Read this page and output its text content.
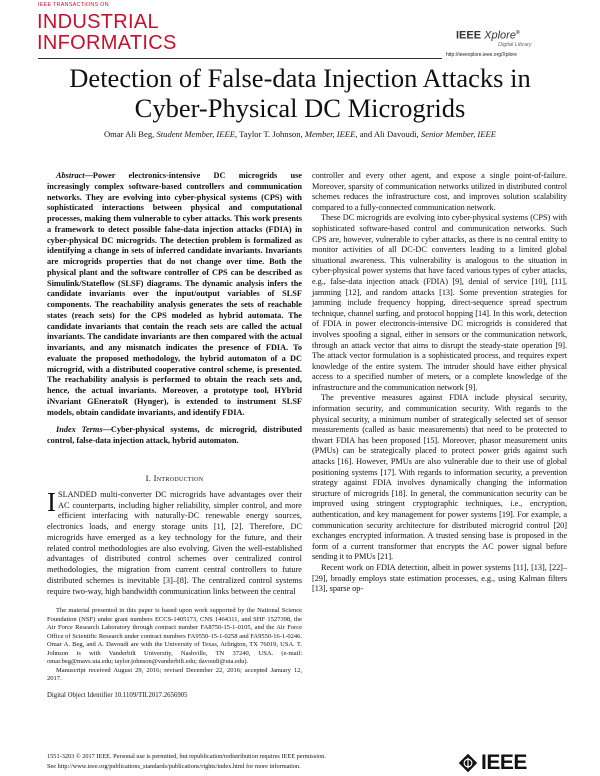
IEEE TRANSACTIONS ON
INDUSTRIAL
INFORMATICS	IEEE Xplore®
Digital Library
http://ieeexplore.ieee.org/Xplore
Detection of False-data Injection Attacks in
Cyber-Physical DC Microgrids
Omar Ali Beg, Student Member, IEEE, Taylor T. Johnson, Member, IEEE, and Ali Davoudi, Senior Member, IEEE

Abstract—Power electronics-intensive DC microgrids use increasingly complex software-based controllers and communication networks. They are evolving into cyber-physical systems (CPS) with sophisticated interactions between physical and computational processes, making them vulnerable to cyber attacks. This work presents a framework to detect possible false-data injection attacks (FDIA) in cyber-physical DC microgrids. The detection problem is formalized as identifying a change in sets of inferred candidate invariants. Invariants are microgrids properties that do not change over time. Both the physical plant and the software controller of CPS can be described as Simulink/Stateflow (SLSF) diagrams. The dynamic analysis infers the candidate invariants over the input/output variables of SLSF components. The reachability analysis generates the sets of reachable states (reach sets) for the CPS modeled as hybrid automata. The candidate invariants that contain the reach sets are called the actual invariants. The candidate invariants are then compared with the actual invariants, and any mismatch indicates the presence of FDIA. To evaluate the proposed methodology, the hybrid automaton of a DC microgrid, with a distributed cooperative control scheme, is presented. The reachability analysis is performed to obtain the reach sets and, hence, the actual invariants. Moreover, a prototype tool, HYbrid iNvariant GEneratoR (Hynger), is extended to instrument SLSF models, obtain candidate invariants, and identify FDIA.

Index Terms—Cyber-physical systems, dc microgrid, distributed control, false-data injection attack, hybrid automaton.

I. Introduction

ISLANDED multi-converter DC microgrids have advantages over their AC counterparts, including higher reliability, simpler control, and more efficient interfacing with naturally-DC renewable energy sources, electronics loads, and energy storage units [1], [2]. Therefore, DC microgrids have emerged as a key technology for the future, and their related control methodologies are also evolving. Given the well-established advantages of distributed control schemes over centralized control methodologies, the migration from current central controllers to future distributed schemes is inevitable [3]–[8]. The centralized control systems require two-way, high bandwidth communication links between the central

The material presented in this paper is based upon work supported by the National Science Foundation (NSF) under grant numbers ECCS-1405173, CNS 1464311, and SHF 1527398, the Air Force Research Laboratory through contract number FA8750-15-1-0105, and the Air Force Office of Scientific Research under contract numbers FA9550-15-1-0258 and FA9550-16-1-0246. Omar A. Beg, and A. Davoudi are with the University of Texas, Arlington, TX 76019, USA. T. Johnson is with Vanderbilt University, Nashville, TN 37240, USA. (e-mail: omar.beg@mavs.uta.edu; taylor.johnson@vanderbilt.edu; davoudi@uta.edu).

Manuscript received August 29, 2016; revised December 22, 2016; accepted January 12, 2017.

Digital Object Identifier 10.1109/TII.2017.2656905
1551-3203 © 2017 IEEE. Personal use is permitted, but republication/redistribution requires IEEE permission.
See http://www.ieee.org/publications_standards/publications/rights/index.html for more information.

controller and every other agent, and expose a single point-of-failure. Moreover, sparsity of communication networks utilized in distributed control schemes reduces the infrastructure cost, and improves solution scalability compared to a fully-connected communication network.

These DC microgrids are evolving into cyber-physical systems (CPS) with sophisticated software-based control and communication networks. Such CPS are, however, vulnerable to cyber attacks, as there is no central entity to monitor activities of all DC-DC converters leading to a limited global situational awareness. This vulnerability is analogous to the situation in cyber-physical power systems that have faced various types of cyber attacks, e.g., false-data injection attack (FDIA) [9], denial of service [10], [11], jamming [12], and random attacks [13]. Some prevention strategies for jamming include frequency hopping, direct-sequence spread spectrum technique, channel surfing, and protocol hopping [14]. In this work, detection of FDIA in power electroncis-intensive DC microgrids is considered that involves spoofing a signal, either in sensors or the communication network, through an attack vector that aims to disrupt the steady-state operation [9]. The attack vector formulation is a sophisticated process, and requires expert knowledge of the entire system. The intruder should have either physical access to a specified number of meters, or a complete knowledge of the infrastructure and the communication network [9].

The preventive measures against FDIA include physical security, information security, and communication security. With regards to the physical security, a minimum number of strategically selected set of sensor measurements (called as basic measurements) that need to be protected to thwart FDIA has been proposed [15]. Moreover, phasor measurement units (PMUs) can be strategically placed to protect power grids against such attacks [16]. However, PMUs are also vulnerable due to their use of global positioning systems [17]. With regards to information security, a prevention strategy against FDIA involves dynamically changing the information structure of microgrids [18]. In general, the communication security can be improved using stringent cryptographic techniques, i.e., encryption, authentication, and key management for power systems [19]. For example, a communication security architecture for distributed microgrid control [20] exchanges encrypted information. A trusted sensing base is proposed in the form of a current transformer that encrypts the AC power signal before sending it to PMUs [21].

Recent work on FDIA detection, albeit in power systems [11], [13], [22]–[29], broadly employs state estimation processes, e.g., using Kalman filters [13], sparse op-

IEEE
